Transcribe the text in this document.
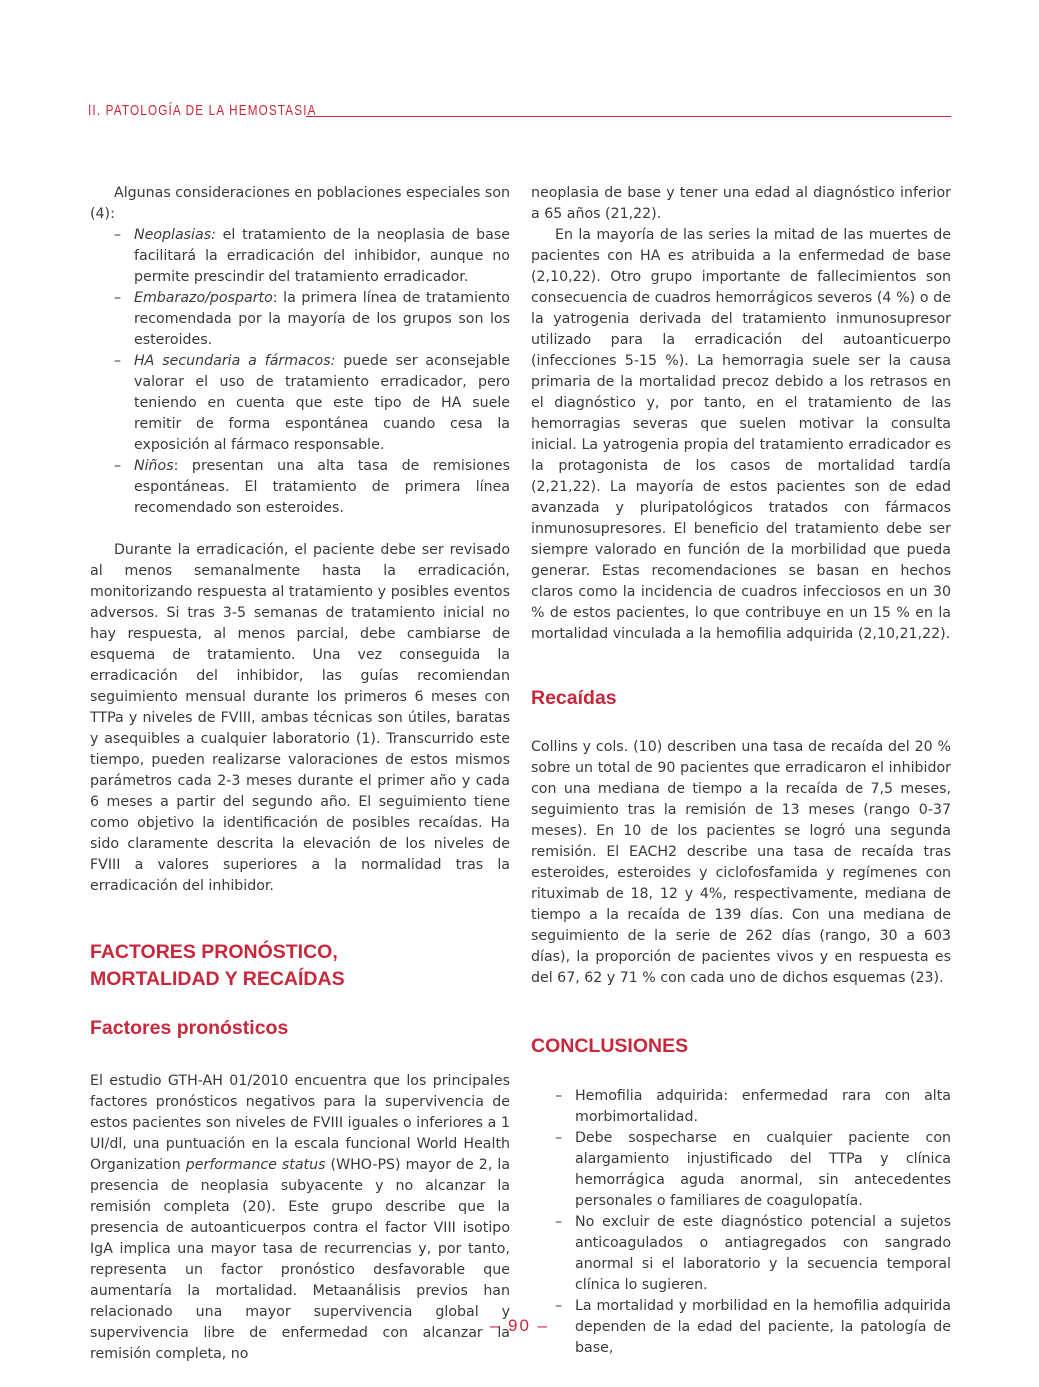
II. PATOLOGÍA DE LA HEMOSTASIA

Algunas consideraciones en poblaciones especiales son (4):

– Neoplasias: el tratamiento de la neoplasia de base facilitará la erradicación del inhibidor, aunque no permite prescindir del tratamiento erradicador.
– Embarazo/posparto: la primera línea de tratamiento recomendada por la mayoría de los grupos son los esteroides.
– HA secundaria a fármacos: puede ser aconsejable valorar el uso de tratamiento erradicador, pero teniendo en cuenta que este tipo de HA suele remitir de forma espontánea cuando cesa la exposición al fármaco responsable.
– Niños: presentan una alta tasa de remisiones espontáneas. El tratamiento de primera línea recomendado son esteroides.

Durante la erradicación, el paciente debe ser revisado al menos semanalmente hasta la erradicación, monitorizando respuesta al tratamiento y posibles eventos adversos. Si tras 3-5 semanas de tratamiento inicial no hay respuesta, al menos parcial, debe cambiarse de esquema de tratamiento. Una vez conseguida la erradicación del inhibidor, las guías recomiendan seguimiento mensual durante los primeros 6 meses con TTPa y niveles de FVIII, ambas técnicas son útiles, baratas y asequibles a cualquier laboratorio (1). Transcurrido este tiempo, pueden realizarse valoraciones de estos mismos parámetros cada 2-3 meses durante el primer año y cada 6 meses a partir del segundo año. El seguimiento tiene como objetivo la identificación de posibles recaídas. Ha sido claramente descrita la elevación de los niveles de FVIII a valores superiores a la normalidad tras la erradicación del inhibidor.

FACTORES PRONÓSTICO,
MORTALIDAD Y RECAÍDAS
Factores pronósticos

El estudio GTH-AH 01/2010 encuentra que los principales factores pronósticos negativos para la supervivencia de estos pacientes son niveles de FVIII iguales o inferiores a 1 UI/dl, una puntuación en la escala funcional World Health Organization performance status (WHO-PS) mayor de 2, la presencia de neoplasia subyacente y no alcanzar la remisión completa (20). Este grupo describe que la presencia de autoanticuerpos contra el factor VIII isotipo IgA implica una mayor tasa de recurrencias y, por tanto, representa un factor pronóstico desfavorable que aumentaría la mortalidad. Metaanálisis previos han relacionado una mayor supervivencia global y supervivencia libre de enfermedad con alcanzar la remisión completa, no

neoplasia de base y tener una edad al diagnóstico inferior a 65 años (21,22).

En la mayoría de las series la mitad de las muertes de pacientes con HA es atribuida a la enfermedad de base (2,10,22). Otro grupo importante de fallecimientos son consecuencia de cuadros hemorrágicos severos (4 %) o de la yatrogenia derivada del tratamiento inmunosupresor utilizado para la erradicación del autoanticuerpo (infecciones 5-15 %). La hemorragia suele ser la causa primaria de la mortalidad precoz debido a los retrasos en el diagnóstico y, por tanto, en el tratamiento de las hemorragias severas que suelen motivar la consulta inicial. La yatrogenia propia del tratamiento erradicador es la protagonista de los casos de mortalidad tardía (2,21,22). La mayoría de estos pacientes son de edad avanzada y pluripatológicos tratados con fármacos inmunosupresores. El beneficio del tratamiento debe ser siempre valorado en función de la morbilidad que pueda generar. Estas recomendaciones se basan en hechos claros como la incidencia de cuadros infecciosos en un 30 % de estos pacientes, lo que contribuye en un 15 % en la mortalidad vinculada a la hemofilia adquirida (2,10,21,22).

Recaídas

Collins y cols. (10) describen una tasa de recaída del 20 % sobre un total de 90 pacientes que erradicaron el inhibidor con una mediana de tiempo a la recaída de 7,5 meses, seguimiento tras la remisión de 13 meses (rango 0-37 meses). En 10 de los pacientes se logró una segunda remisión. El EACH2 describe una tasa de recaída tras esteroides, esteroides y ciclofosfamida y regímenes con rituximab de 18, 12 y 4%, respectivamente, mediana de tiempo a la recaída de 139 días. Con una mediana de seguimiento de la serie de 262 días (rango, 30 a 603 días), la proporción de pacientes vivos y en respuesta es del 67, 62 y 71 % con cada uno de dichos esquemas (23).

CONCLUSIONES
– Hemofilia adquirida: enfermedad rara con alta morbimortalidad.
– Debe sospecharse en cualquier paciente con alargamiento injustificado del TTPa y clínica hemorrágica aguda anormal, sin antecedentes personales o familiares de coagulopatía.
– No excluir de este diagnóstico potencial a sujetos anticoagulados o antiagregados con sangrado anormal si el laboratorio y la secuencia temporal clínica lo sugieren.
– La mortalidad y morbilidad en la hemofilia adquirida dependen de la edad del paciente, la patología de base,
– 90 –
